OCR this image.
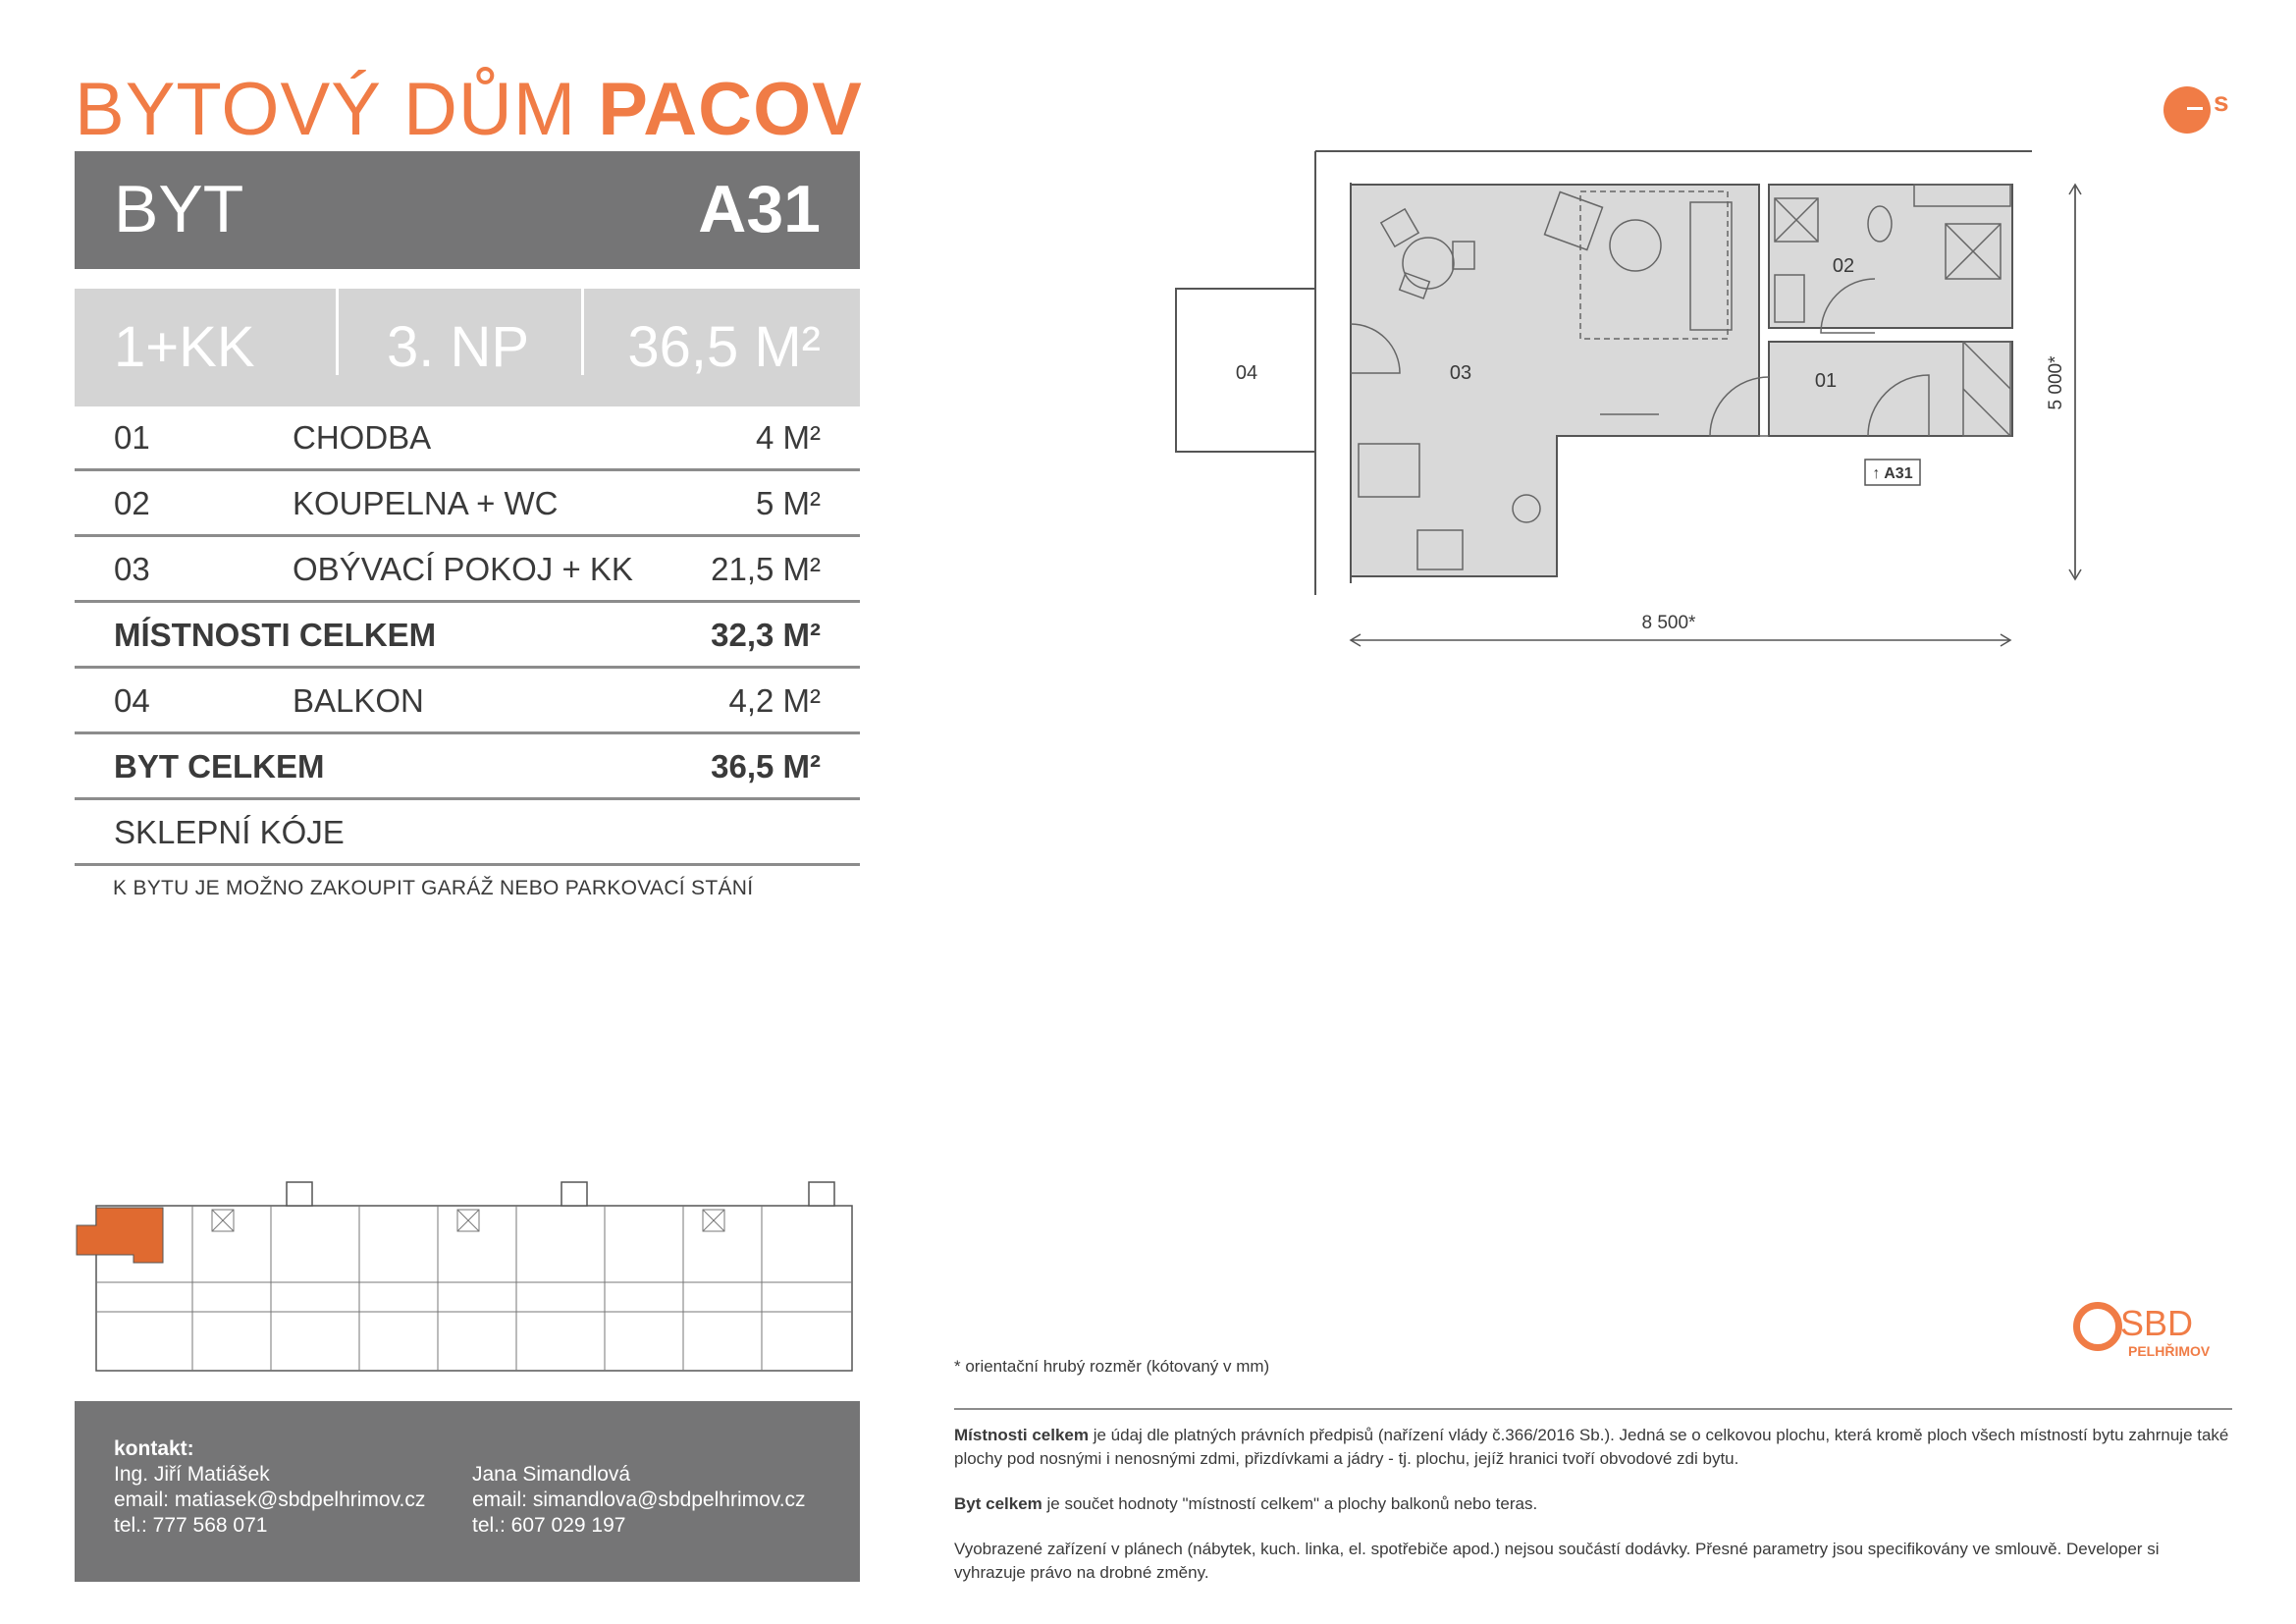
BYTOVÝ DŮM PACOV	s
BYT	A31
1+KK 3. NP 36,5 M²
01	CHODBA	4 M²
02	KOUPELNA + WC	5 M²
03	OBÝVACÍ POKOJ + KK 21,5 M²
MÍSTNOSTI CELKEM	32,3 M²
04	BALKON	4,2 M²
BYT CELKEM	36,5 M²
SKLEPNÍ KÓJE
K BYTU JE MOŽNO ZAKOUPIT GARÁŽ NEBO PARKOVACÍ STÁNÍ
04	03
02
01
↑ A31
8 500*
5 000*
kontakt:
Ing. Jiří Matiášek
email: matiasek@sbdpelhrimov.cz
tel.: 777 568 071
Jana Simandlová
email: simandlova@sbdpelhrimov.cz
tel.: 607 029 197
SBD
PELHŘIMOV
* orientační hrubý rozměr (kótovaný v mm)
Místnosti celkem je údaj dle platných právních předpisů (nařízení vlády č.366/2016 Sb.). Jedná se o celkovou plochu, která kromě ploch všech místností bytu zahrnuje také plochy pod nosnými i nenosnými zdmi, přizdívkami a jádry - tj. plochu, jejíž hranici tvoří obvodové zdi bytu.
Byt celkem je součet hodnoty "místností celkem" a plochy balkonů nebo teras.
Vyobrazené zařízení v plánech (nábytek, kuch. linka, el. spotřebiče apod.) nejsou součástí dodávky. Přesné parametry jsou specifikovány ve smlouvě. Developer si vyhrazuje právo na drobné změny.
